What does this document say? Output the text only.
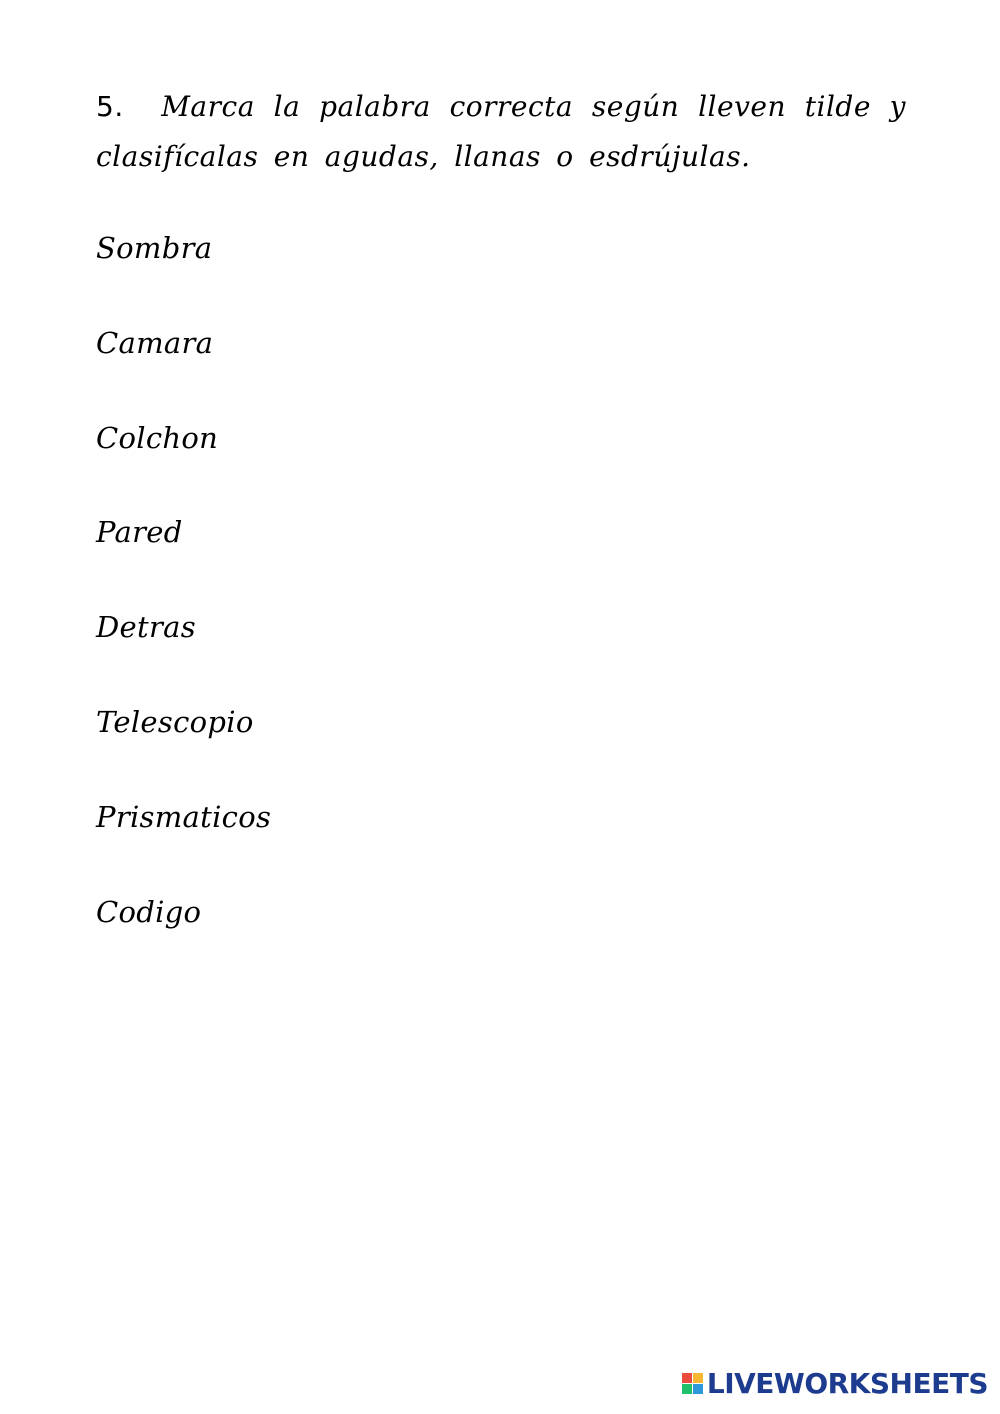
5. Marca la palabra correcta según lleven tilde y clasifícalas en agudas, llanas o esdrújulas.

Sombra
Camara
Colchon
Pared
Detras
Telescopio
Prismaticos
Codigo
LIVEWORKSHEETS
